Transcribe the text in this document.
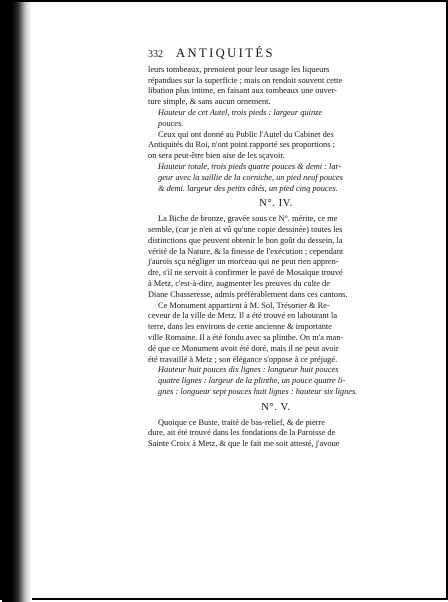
332	ANTIQUITÉS

leurs tombeaux, prenoient pour leur usage les liqueurs
répandues sur la superficie ; mais on rendoit souvent cette
libation plus intime, en faisant aux tombeaux une ouver-
ture simple, & sans aucun ornement.

Hauteur de cet Autel, trois pieds : largeur quinze
pouces.

Ceux qui ont donné au Public l'Autel du Cabinet des
Antiquités du Roi, n'ont point rapporté ses proportions ;
on sera peut-être bien aise de les sçavoir.

Hauteur totale, trois pieds quatre pouces & demi : lar-
geur avec la saillie de la corniche, un pied neuf pouces
& demi. largeur des petits côtés, un pied cinq pouces.

N°. IV.

La Biche de bronze, gravée sous ce N°. mérite, ce me
semble, (car je n'en ai vû qu'une copie dessinée) toutes les
distinctions que peuvent obtenir le bon goût du dessein, la
vérité de la Nature, & la finesse de l'exécution ; cependant
j'aurois sçu négliger un morceau qui ne peut rien appren-
dre, s'il ne servoit à confirmer le pavé de Mosaïque trouvé
à Metz, c'est-à-dire, augmenter les preuves du culte de
Diane Chasseresse, admis préférablement dans ces cantons.

Ce Monument appartient à M. Sol, Trésorier & Re-
ceveur de la ville de Metz. Il a été trouvé en labourant la
terre, dans les environs de cette ancienne & importante
ville Romaine. Il a été fondu avec sa plinthe. On m'a man-
dé que ce Monument avoit été doré, mais il ne peut avoir
été travaillé à Metz ; son élégance s'oppose à ce préjugé.

Hauteur huit pouces dix lignes : longueur huit pouces
quatre lignes : largeur de la plinthe, un pouce quatre li-
gnes : longueur sept pouces huit lignes : hauteur six lignes.

N°. V.

Quoique ce Buste, traité de bas-relief, & de pierre
dure, ait été trouvé dans les fondations de la Paroisse de
Sainte Croix à Metz, & que le fait me soit attesté, j'avoue
